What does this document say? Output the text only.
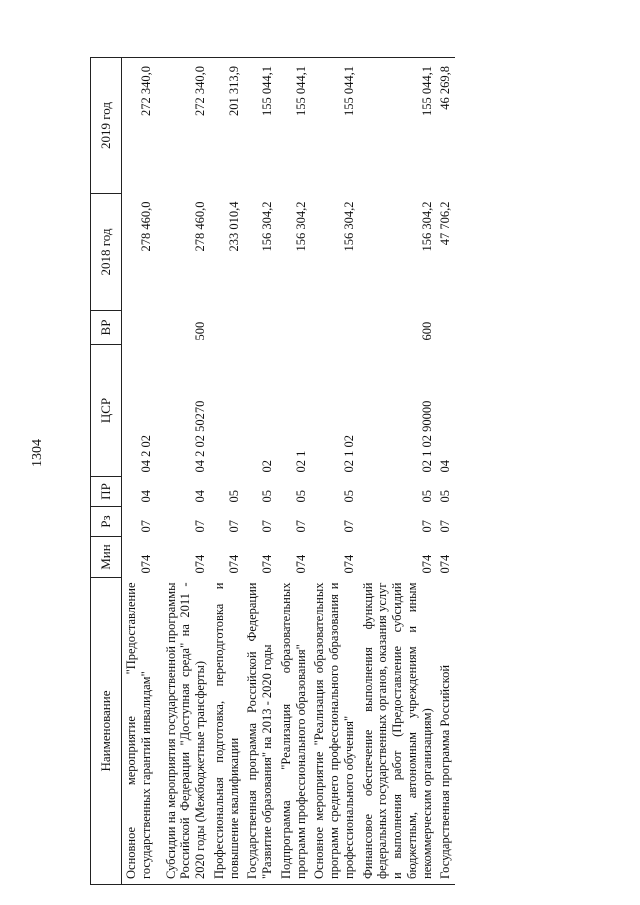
1304
Наименование	Мин	Рз	ПР	ЦСР	ВР	2018 год	2019 год
Основное мероприятие "Предоставление государственных гарантий инвалидам"	074	07	04	04 2 02		278 460,0	272 340,0
Субсидии на мероприятия государственной программы Российской Федерации "Доступная среда" на 2011 - 2020 годы (Межбюджетные трансферты)	074	07	04	04 2 02 50270	500	278 460,0	272 340,0
Профессиональная подготовка, переподготовка и повышение квалификации	074	07	05			233 010,4	201 313,9
Государственная программа Российской Федерации "Развитие образования" на 2013 - 2020 годы	074	07	05	02		156 304,2	155 044,1
Подпрограмма "Реализация образовательных программ профессионального образования"	074	07	05	02 1		156 304,2	155 044,1
Основное мероприятие "Реализация образовательных программ среднего профессионального образования и профессионального обучения"	074	07	05	02 1 02		156 304,2	155 044,1
Финансовое обеспечение выполнения функций федеральных государственных органов, оказания услуг и выполнения работ (Предоставление субсидий бюджетным, автономным учреждениям и иным некоммерческим организациям)	074	07	05	02 1 02 90000	600	156 304,2	155 044,1
Государственная программа Российской	074	07	05	04		47 706,2	46 269,8
